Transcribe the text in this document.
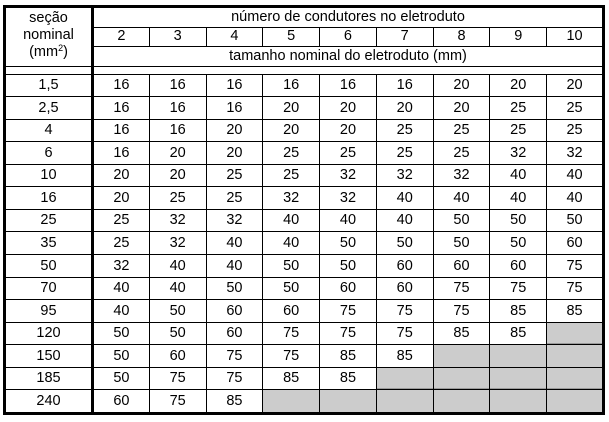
seção
nominal
$(mm^2)$	número de condutores no eletroduto								
	2	3	4	5	6	7	8	9	10
	tamanho nominal do eletroduto (mm)								

1,5	16	16	16	16	16	16	20	20	20
2,5	16	16	16	20	20	20	20	25	25
4	16	16	20	20	20	25	25	25	25
6	16	20	20	25	25	25	25	32	32
10	20	20	25	25	32	32	32	40	40
16	20	25	25	32	32	40	40	40	40
25	25	32	32	40	40	40	50	50	50
35	25	32	40	40	50	50	50	50	60
50	32	40	40	50	50	60	60	60	75
70	40	40	50	50	60	60	75	75	75
95	40	50	60	60	75	75	75	85	85
120	50	50	60	75	75	75	85	85	
150	50	60	75	75	85	85			
185	50	75	75	85	85				
240	60	75	85						
